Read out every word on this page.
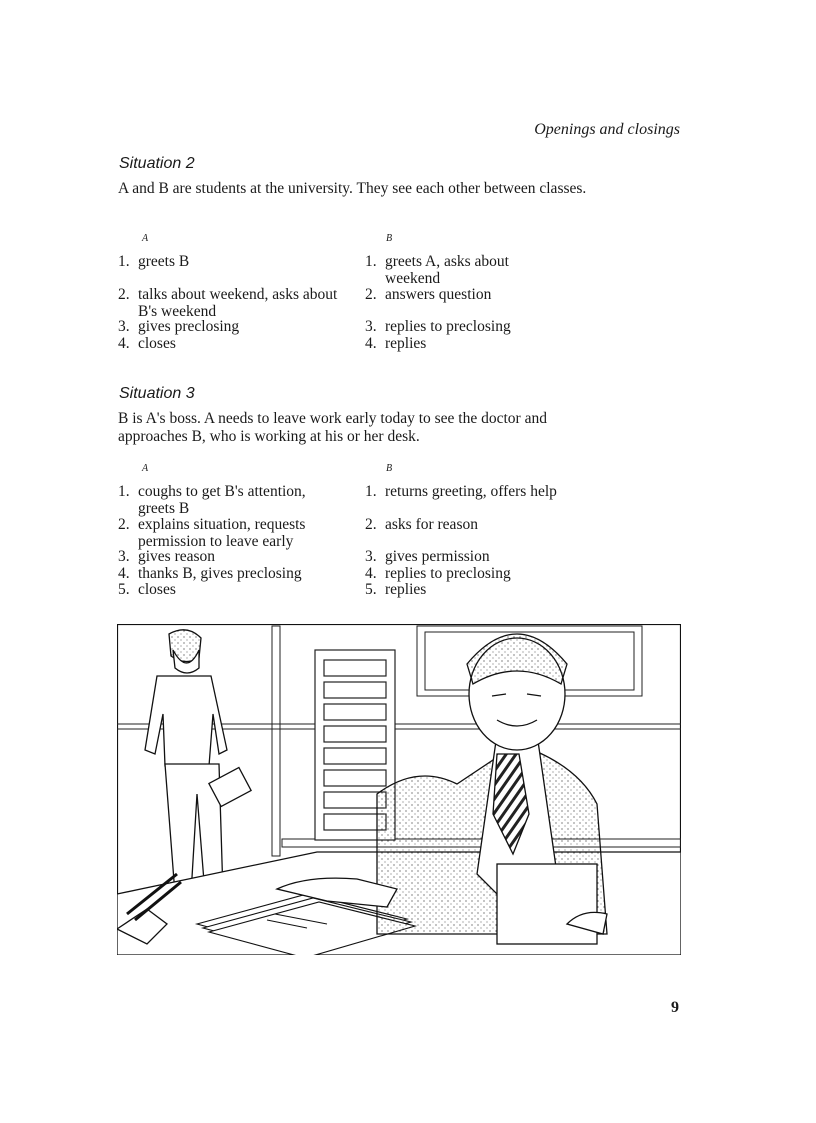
Openings and closings
Situation 2
A and B are students at the university. They see each other between classes.
A	B
1. greets B
2. talks about weekend, asks about B's weekend
3. gives preclosing
4. closes
1. greets A, asks about weekend
2. answers question
3. replies to preclosing
4. replies
Situation 3
B is A's boss. A needs to leave work early today to see the doctor and approaches B, who is working at his or her desk.
A	B
1. coughs to get B's attention, greets B
2. explains situation, requests permission to leave early
3. gives reason
4. thanks B, gives preclosing
5. closes
1. returns greeting, offers help
2. asks for reason
3. gives permission
4. replies to preclosing
5. replies
9
